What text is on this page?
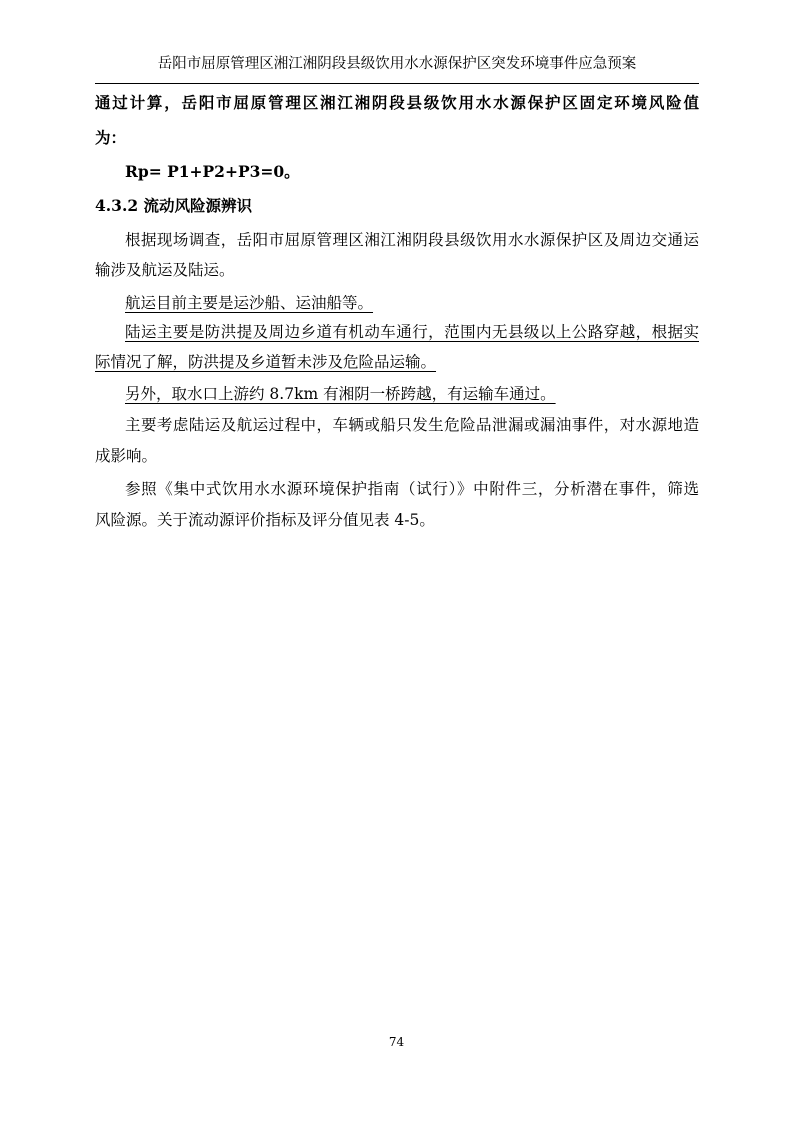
岳阳市屈原管理区湘江湘阴段县级饮用水水源保护区突发环境事件应急预案
通过计算，岳阳市屈原管理区湘江湘阴段县级饮用水水源保护区固定环境风险值
为：
Rp= P1+P2+P3=0。
4.3.2 流动风险源辨识
根据现场调查，岳阳市屈原管理区湘江湘阴段县级饮用水水源保护区及周边交通运
输涉及航运及陆运。
航运目前主要是运沙船、运油船等。
陆运主要是防洪提及周边乡道有机动车通行，范围内无县级以上公路穿越，根据实
际情况了解，防洪提及乡道暂未涉及危险品运输。
另外，取水口上游约 8.7km 有湘阴一桥跨越，有运输车通过。
主要考虑陆运及航运过程中，车辆或船只发生危险品泄漏或漏油事件，对水源地造
成影响。
参照《集中式饮用水水源环境保护指南（试行）》中附件三，分析潜在事件，筛选
风险源。关于流动源评价指标及评分值见表 4-5。
74
